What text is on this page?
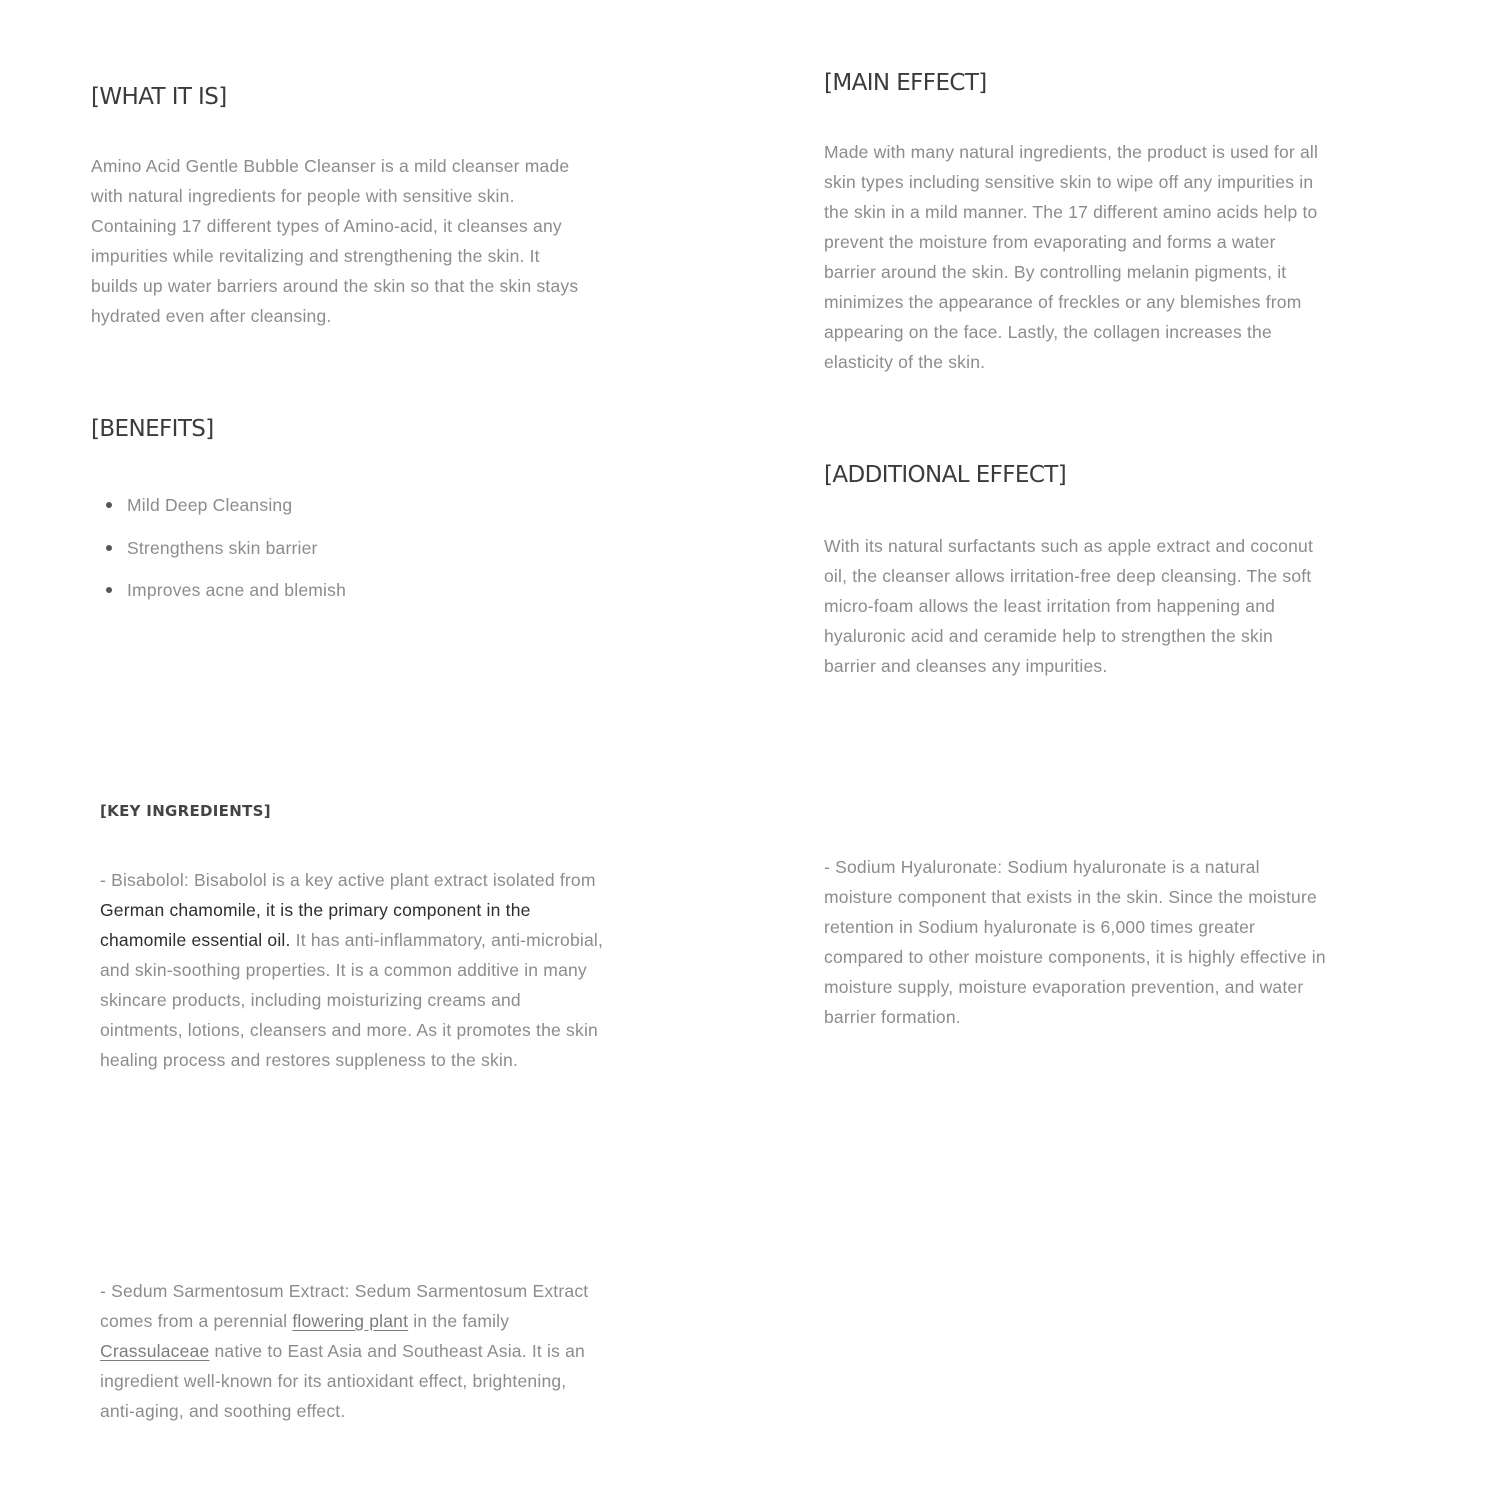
[WHAT IT IS]

Amino Acid Gentle Bubble Cleanser is a mild cleanser made with natural ingredients for people with sensitive skin. Containing 17 different types of Amino-acid, it cleanses any impurities while revitalizing and strengthening the skin. It builds up water barriers around the skin so that the skin stays hydrated even after cleansing.

[BENEFITS]
Mild Deep Cleansing
Strengthens skin barrier
Improves acne and blemish
[MAIN EFFECT]

Made with many natural ingredients, the product is used for all skin types including sensitive skin to wipe off any impurities in the skin in a mild manner. The 17 different amino acids help to prevent the moisture from evaporating and forms a water barrier around the skin. By controlling melanin pigments, it minimizes the appearance of freckles or any blemishes from appearing on the face. Lastly, the collagen increases the elasticity of the skin.

[ADDITIONAL EFFECT]

With its natural surfactants such as apple extract and coconut oil, the cleanser allows irritation-free deep cleansing. The soft micro-foam allows the least irritation from happening and hyaluronic acid and ceramide help to strengthen the skin barrier and cleanses any impurities.

[KEY INGREDIENTS]

- Bisabolol: Bisabolol is a key active plant extract isolated from German chamomile, it is the primary component in the chamomile essential oil. It has anti-inflammatory, anti-microbial, and skin-soothing properties. It is a common additive in many skincare products, including moisturizing creams and ointments, lotions, cleansers and more. As it promotes the skin healing process and restores suppleness to the skin.

- Sodium Hyaluronate: Sodium hyaluronate is a natural moisture component that exists in the skin. Since the moisture retention in Sodium hyaluronate is 6,000 times greater compared to other moisture components, it is highly effective in moisture supply, moisture evaporation prevention, and water barrier formation.

- Sedum Sarmentosum Extract: Sedum Sarmentosum Extract comes from a perennial flowering plant in the family Crassulaceae native to East Asia and Southeast Asia. It is an ingredient well-known for its antioxidant effect, brightening, anti-aging, and soothing effect.
